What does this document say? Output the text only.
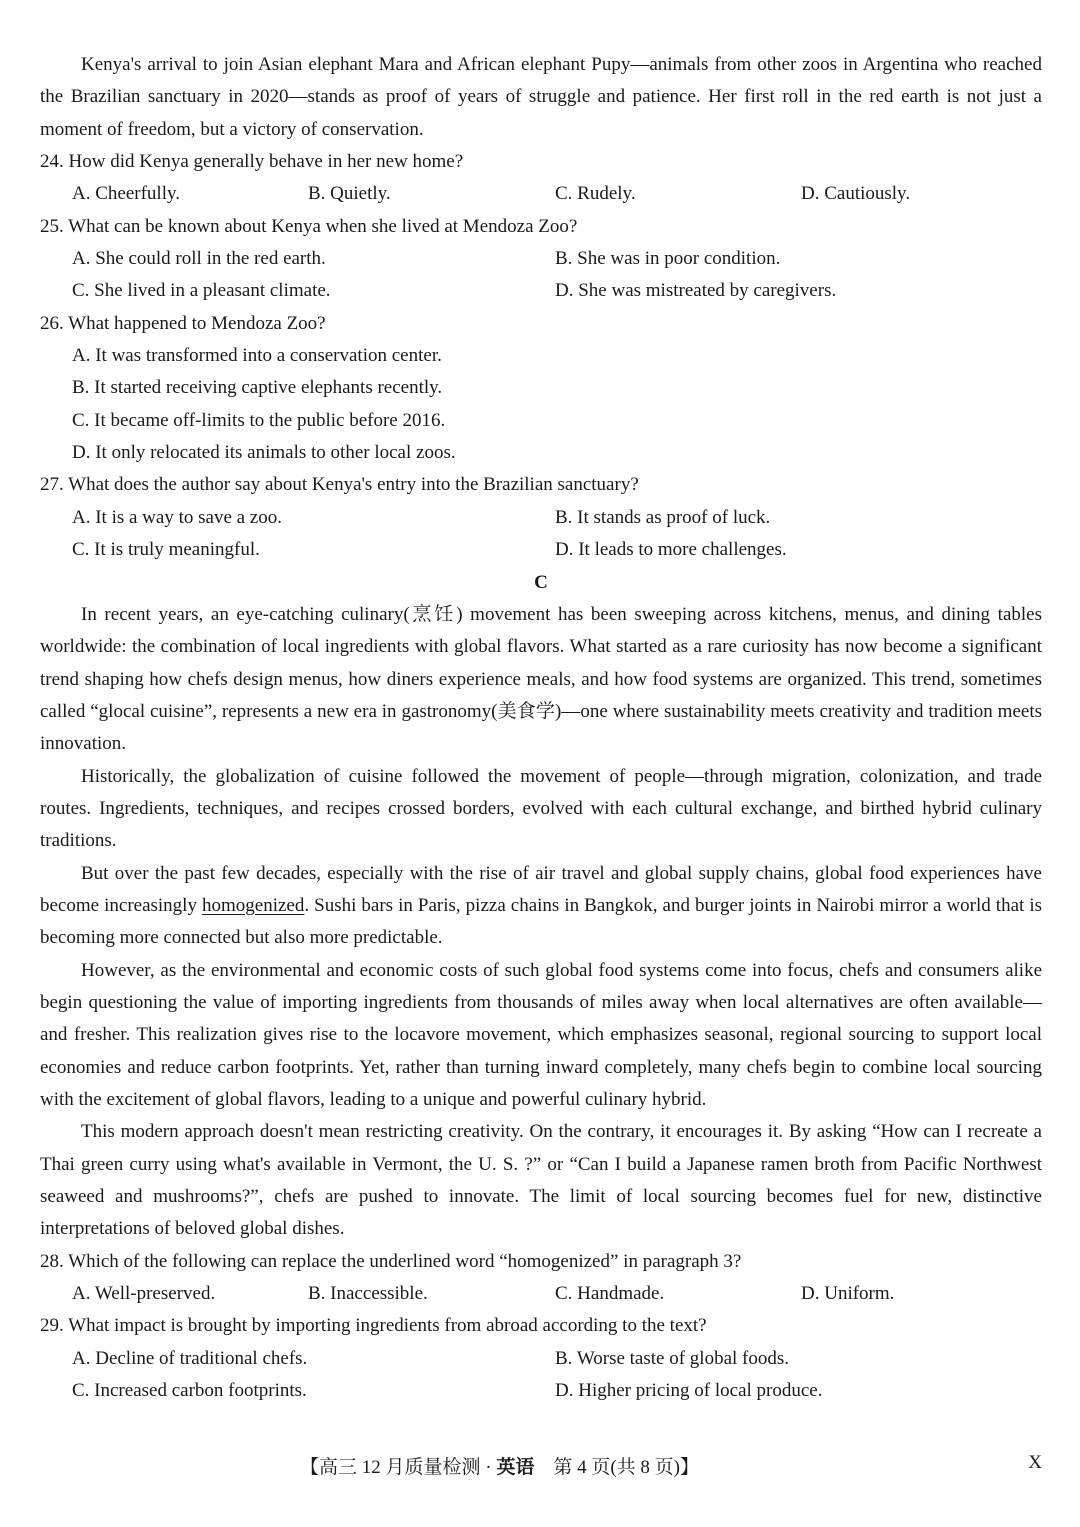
Kenya's arrival to join Asian elephant Mara and African elephant Pupy—animals from other zoos in Argentina who reached the Brazilian sanctuary in 2020—stands as proof of years of struggle and patience. Her first roll in the red earth is not just a moment of freedom, but a victory of conservation.

24. How did Kenya generally behave in her new home?

A. Cheerfully.	B. Quietly.	C. Rudely.	D. Cautiously.

25. What can be known about Kenya when she lived at Mendoza Zoo?

A. She could roll in the red earth.	B. She was in poor condition.
C. She lived in a pleasant climate.	D. She was mistreated by caregivers.

26. What happened to Mendoza Zoo?

A. It was transformed into a conservation center.
B. It started receiving captive elephants recently.
C. It became off-limits to the public before 2016.
D. It only relocated its animals to other local zoos.

27. What does the author say about Kenya's entry into the Brazilian sanctuary?

A. It is a way to save a zoo.	B. It stands as proof of luck.
C. It is truly meaningful.	D. It leads to more challenges.

C

In recent years, an eye-catching culinary(烹饪) movement has been sweeping across kitchens, menus, and dining tables worldwide: the combination of local ingredients with global flavors. What started as a rare curiosity has now become a significant trend shaping how chefs design menus, how diners experience meals, and how food systems are organized. This trend, sometimes called “glocal cuisine”, represents a new era in gastronomy(美食学)—one where sustainability meets creativity and tradition meets innovation.

Historically, the globalization of cuisine followed the movement of people—through migration, colonization, and trade routes. Ingredients, techniques, and recipes crossed borders, evolved with each cultural exchange, and birthed hybrid culinary traditions.

But over the past few decades, especially with the rise of air travel and global supply chains, global food experiences have become increasingly homogenized. Sushi bars in Paris, pizza chains in Bangkok, and burger joints in Nairobi mirror a world that is becoming more connected but also more predictable.

However, as the environmental and economic costs of such global food systems come into focus, chefs and consumers alike begin questioning the value of importing ingredients from thousands of miles away when local alternatives are often available—and fresher. This realization gives rise to the locavore movement, which emphasizes seasonal, regional sourcing to support local economies and reduce carbon footprints. Yet, rather than turning inward completely, many chefs begin to combine local sourcing with the excitement of global flavors, leading to a unique and powerful culinary hybrid.

This modern approach doesn't mean restricting creativity. On the contrary, it encourages it. By asking “How can I recreate a Thai green curry using what's available in Vermont, the U. S. ?” or “Can I build a Japanese ramen broth from Pacific Northwest seaweed and mushrooms?”, chefs are pushed to innovate. The limit of local sourcing becomes fuel for new, distinctive interpretations of beloved global dishes.

28. Which of the following can replace the underlined word “homogenized” in paragraph 3?

A. Well-preserved.	B. Inaccessible.	C. Handmade.	D. Uniform.

29. What impact is brought by importing ingredients from abroad according to the text?

A. Decline of traditional chefs.	B. Worse taste of global foods.
C. Increased carbon footprints.	D. Higher pricing of local produce.
【高三 12 月质量检测 · 英语　第 4 页(共 8 页)】	X
